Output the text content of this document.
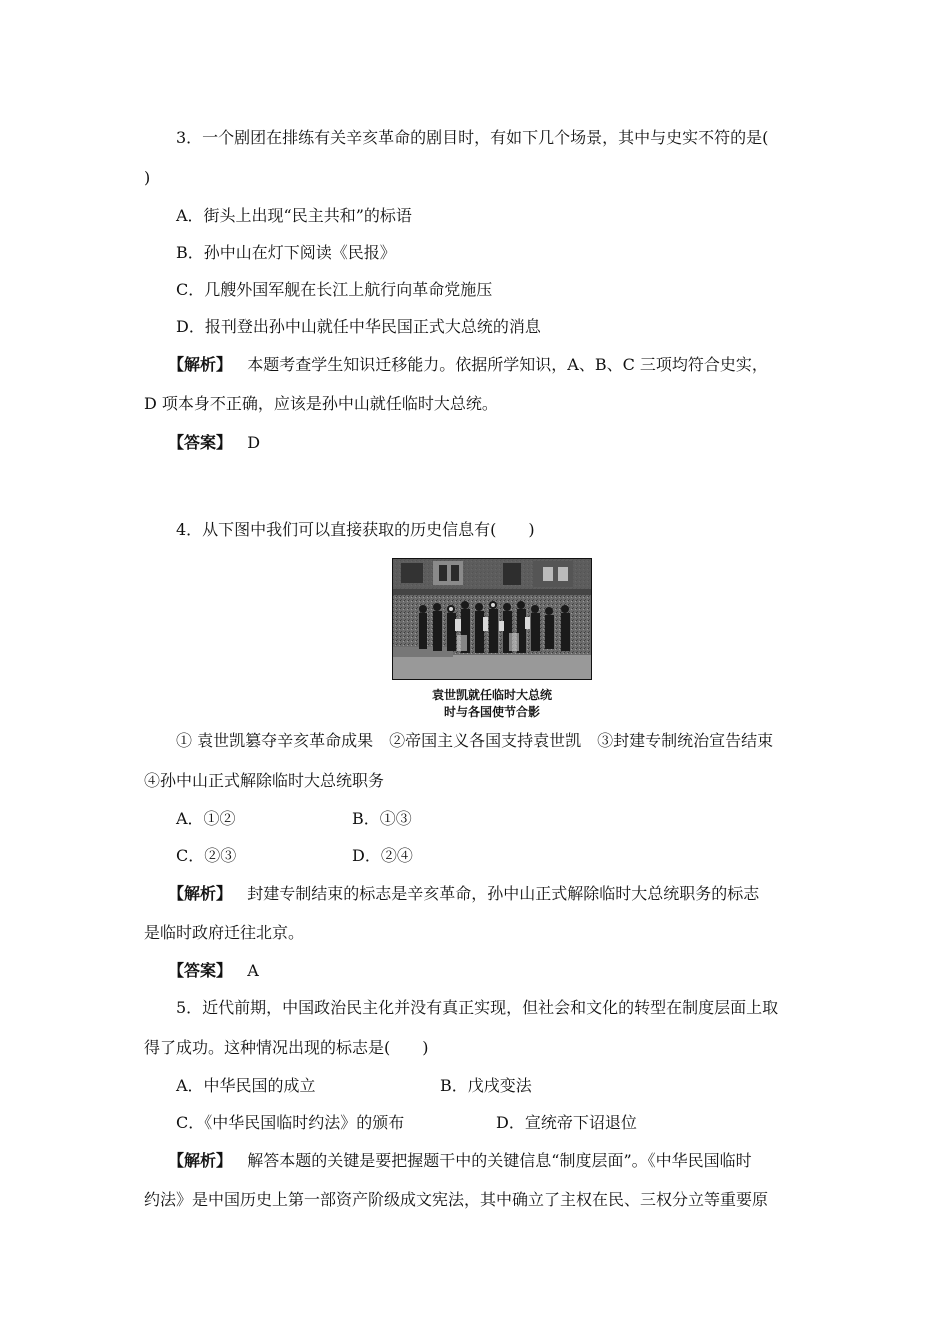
3．一个剧团在排练有关辛亥革命的剧目时，有如下几个场景，其中与史实不符的是(
)
A．街头上出现“民主共和”的标语
B．孙中山在灯下阅读《民报》
C．几艘外国军舰在长江上航行向革命党施压
D．报刊登出孙中山就任中华民国正式大总统的消息
【解析】 本题考查学生知识迁移能力。依据所学知识，A、B、C 三项均符合史实，
D 项本身不正确，应该是孙中山就任临时大总统。
【答案】 D
4．从下图中我们可以直接获取的历史信息有(　　)
袁世凯就任临时大总统
时与各国使节合影
① 袁世凯篡夺辛亥革命成果　②帝国主义各国支持袁世凯　③封建专制统治宣告结束
④孙中山正式解除临时大总统职务
A．①②	B．①③
C．②③	D．②④
【解析】 封建专制结束的标志是辛亥革命，孙中山正式解除临时大总统职务的标志
是临时政府迁往北京。
【答案】 A
5．近代前期，中国政治民主化并没有真正实现，但社会和文化的转型在制度层面上取
得了成功。这种情况出现的标志是(　　)
A．中华民国的成立	B．戊戌变法
C．《中华民国临时约法》的颁布	D．宣统帝下诏退位
【解析】 解答本题的关键是要把握题干中的关键信息“制度层面”。《中华民国临时
约法》是中国历史上第一部资产阶级成文宪法，其中确立了主权在民、三权分立等重要原
